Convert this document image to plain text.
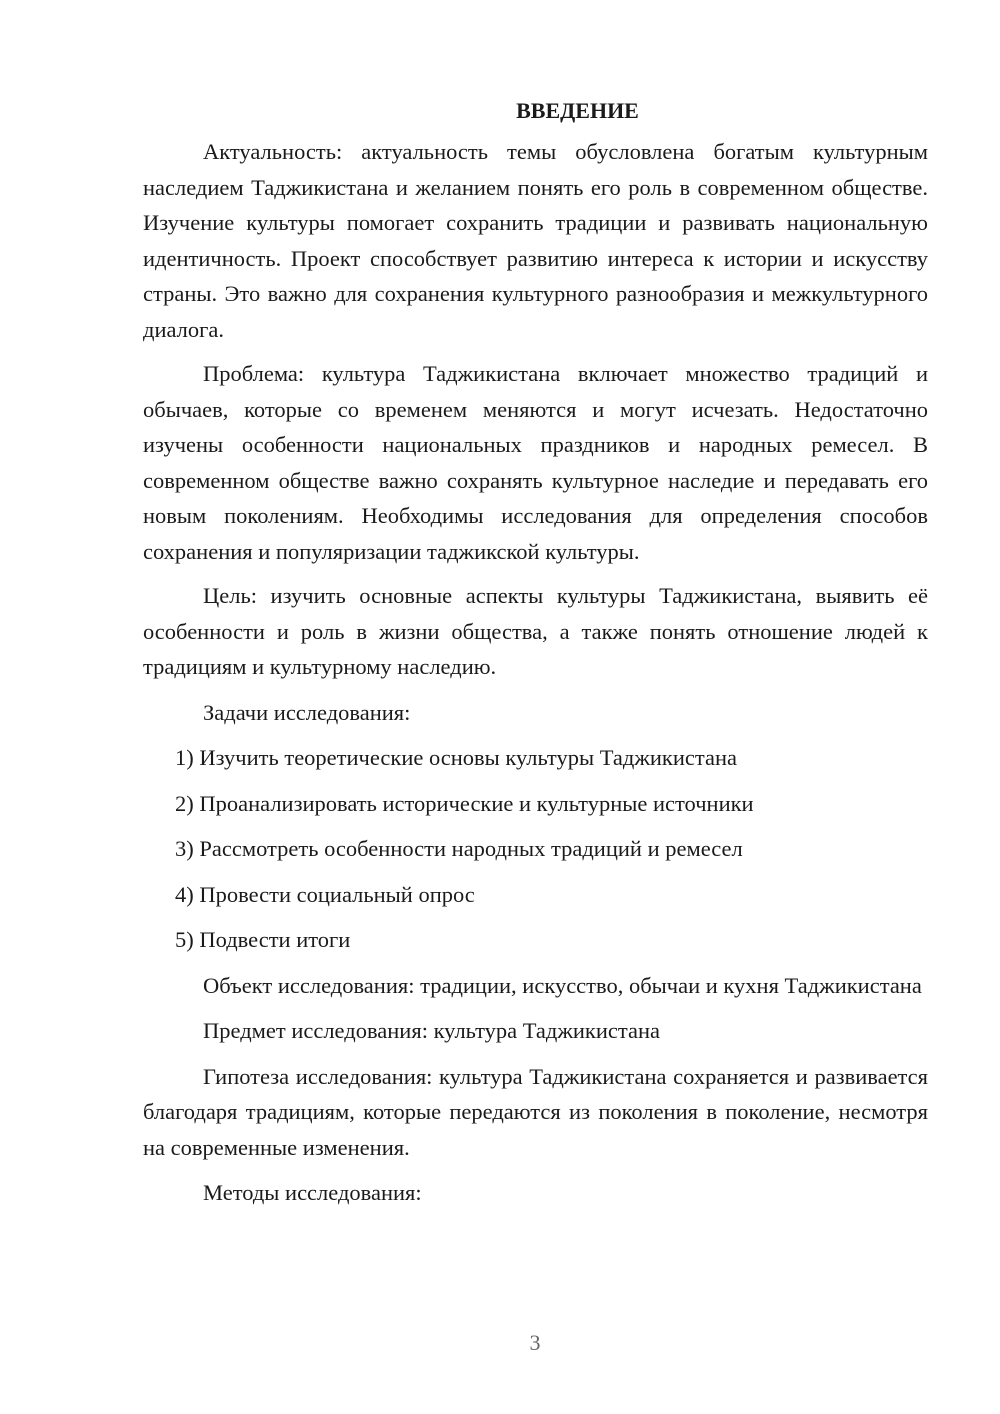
ВВЕДЕНИЕ

Актуальность: актуальность темы обусловлена богатым культурным наследием Таджикистана и желанием понять его роль в современном обществе. Изучение культуры помогает сохранить традиции и развивать национальную идентичность. Проект способствует развитию интереса к истории и искусству страны. Это важно для сохранения культурного разнообразия и межкультурного диалога.

Проблема: культура Таджикистана включает множество традиций и обычаев, которые со временем меняются и могут исчезать. Недостаточно изучены особенности национальных праздников и народных ремесел. В современном обществе важно сохранять культурное наследие и передавать его новым поколениям. Необходимы исследования для определения способов сохранения и популяризации таджикской культуры.

Цель: изучить основные аспекты культуры Таджикистана, выявить её особенности и роль в жизни общества, а также понять отношение людей к традициям и культурному наследию.

Задачи исследования:

1) Изучить теоретические основы культуры Таджикистана

2) Проанализировать исторические и культурные источники

3) Рассмотреть особенности народных традиций и ремесел

4) Провести социальный опрос

5) Подвести итоги

Объект исследования: традиции, искусство, обычаи и кухня Таджикистана

Предмет исследования: культура Таджикистана

Гипотеза исследования: культура Таджикистана сохраняется и развивается благодаря традициям, которые передаются из поколения в поколение, несмотря на современные изменения.

Методы исследования:

3
